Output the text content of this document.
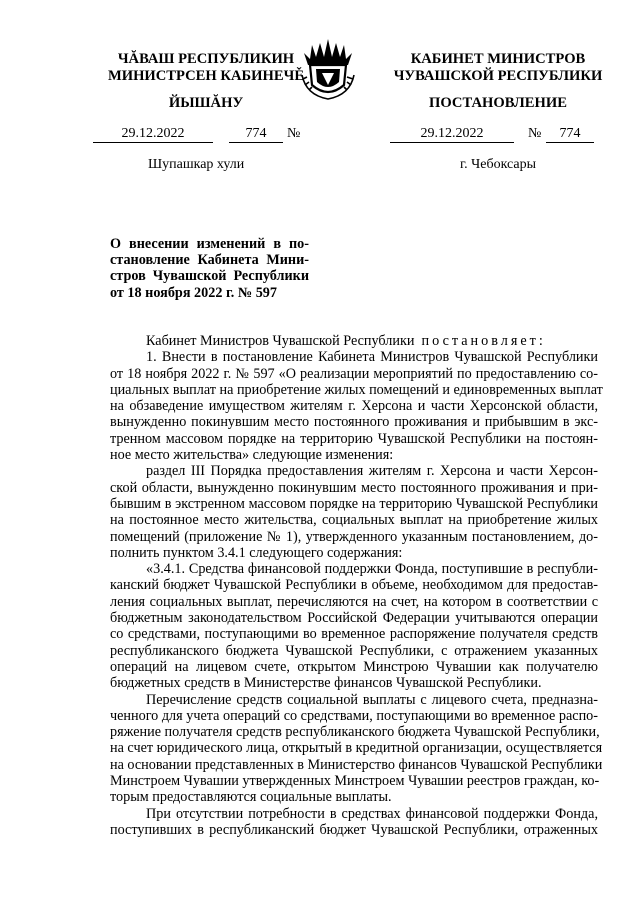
ЧĂВАШ РЕСПУБЛИКИН
МИНИСТРСЕН КАБИНЕЧĚ
КАБИНЕТ МИНИСТРОВ
ЧУВАШСКОЙ РЕСПУБЛИКИ
ЙЫШĂНУ	ПОСТАНОВЛЕНИЕ
29.12.2022	774	№	29.12.2022	№	774
Шупашкар хули	г. Чебоксары
О внесении изменений в по-
становление Кабинета Мини-
стров Чувашской Республики
от 18 ноября 2022 г. № 597
Кабинет Министров Чувашской Республики постановляет:
1. Внести в постановление Кабинета Министров Чувашской Республики
от 18 ноября 2022 г. № 597 «О реализации мероприятий по предоставлению со-
циальных выплат на приобретение жилых помещений и единовременных выплат
на обзаведение имуществом жителям г. Херсона и части Херсонской области,
вынужденно покинувшим место постоянного проживания и прибывшим в экс-
тренном массовом порядке на территорию Чувашской Республики на постоян-
ное место жительства» следующие изменения:
раздел III Порядка предоставления жителям г. Херсона и части Херсон-
ской области, вынужденно покинувшим место постоянного проживания и при-
бывшим в экстренном массовом порядке на территорию Чувашской Республики
на постоянное место жительства, социальных выплат на приобретение жилых
помещений (приложение № 1), утвержденного указанным постановлением, до-
полнить пунктом 3.4.1 следующего содержания:
«3.4.1. Средства финансовой поддержки Фонда, поступившие в республи-
канский бюджет Чувашской Республики в объеме, необходимом для предостав-
ления социальных выплат, перечисляются на счет, на котором в соответствии с
бюджетным законодательством Российской Федерации учитываются операции
со средствами, поступающими во временное распоряжение получателя средств
республиканского бюджета Чувашской Республики, с отражением указанных
операций на лицевом счете, открытом Минстрою Чувашии как получателю
бюджетных средств в Министерстве финансов Чувашской Республики.
Перечисление средств социальной выплаты с лицевого счета, предназна-
ченного для учета операций со средствами, поступающими во временное распо-
ряжение получателя средств республиканского бюджета Чувашской Республики,
на счет юридического лица, открытый в кредитной организации, осуществляется
на основании представленных в Министерство финансов Чувашской Республики
Минстроем Чувашии утвержденных Минстроем Чувашии реестров граждан, ко-
торым предоставляются социальные выплаты.
При отсутствии потребности в средствах финансовой поддержки Фонда,
поступивших в республиканский бюджет Чувашской Республики, отраженных
